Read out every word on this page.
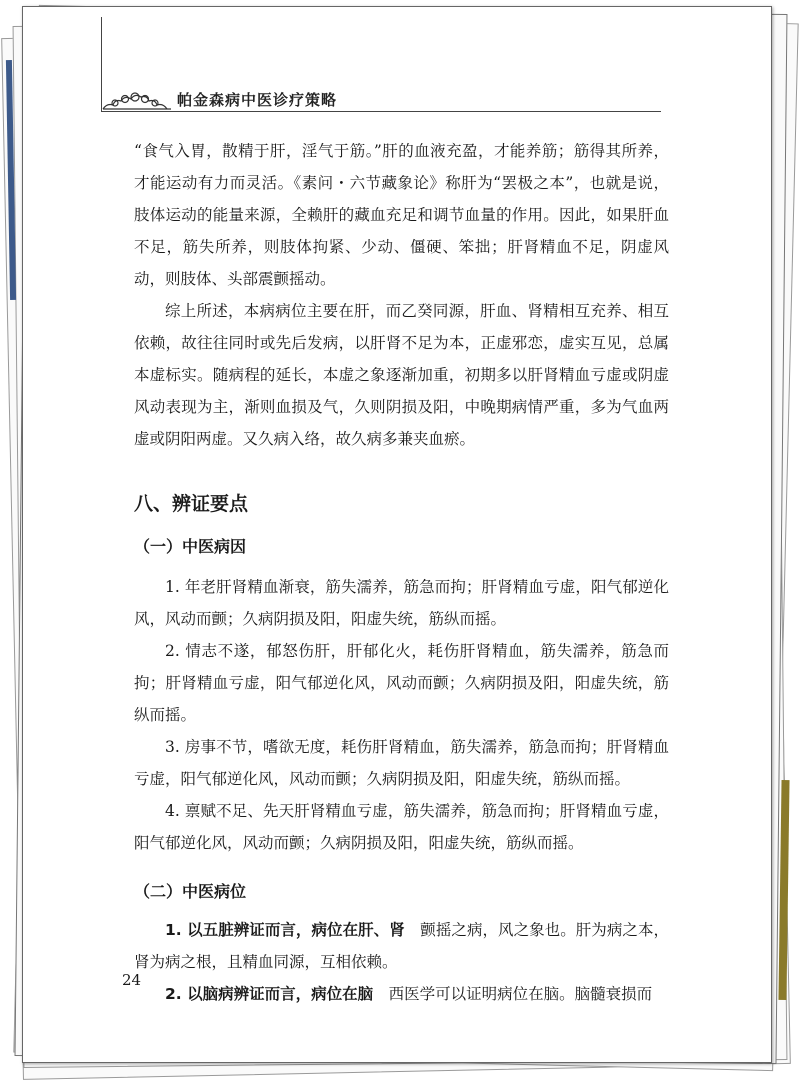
帕金森病中医诊疗策略

“食气入胃，散精于肝，淫气于筋。”肝的血液充盈，才能养筋；筋得其所养，才能运动有力而灵活。《素问・六节藏象论》称肝为“罢极之本”，也就是说，肢体运动的能量来源，全赖肝的藏血充足和调节血量的作用。因此，如果肝血不足，筋失所养，则肢体拘紧、少动、僵硬、笨拙；肝肾精血不足，阴虚风动，则肢体、头部震颤摇动。

综上所述，本病病位主要在肝，而乙癸同源，肝血、肾精相互充养、相互依赖，故往往同时或先后发病，以肝肾不足为本，正虚邪恋，虚实互见，总属本虚标实。随病程的延长，本虚之象逐渐加重，初期多以肝肾精血亏虚或阴虚风动表现为主，渐则血损及气，久则阴损及阳，中晚期病情严重，多为气血两虚或阴阳两虚。又久病入络，故久病多兼夹血瘀。

八、辨证要点

（一）中医病因

1. 年老肝肾精血渐衰，筋失濡养，筋急而拘；肝肾精血亏虚，阳气郁逆化风，风动而颤；久病阴损及阳，阳虚失统，筋纵而摇。

2. 情志不遂，郁怒伤肝，肝郁化火，耗伤肝肾精血，筋失濡养，筋急而拘；肝肾精血亏虚，阳气郁逆化风，风动而颤；久病阴损及阳，阳虚失统，筋纵而摇。

3. 房事不节，嗜欲无度，耗伤肝肾精血，筋失濡养，筋急而拘；肝肾精血亏虚，阳气郁逆化风，风动而颤；久病阴损及阳，阳虚失统，筋纵而摇。

4. 禀赋不足、先天肝肾精血亏虚，筋失濡养，筋急而拘；肝肾精血亏虚，阳气郁逆化风，风动而颤；久病阴损及阳，阳虚失统，筋纵而摇。

（二）中医病位

1. 以五脏辨证而言，病位在肝、肾　颤摇之病，风之象也。肝为病之本，肾为病之根，且精血同源，互相依赖。

2. 以脑病辨证而言，病位在脑　西医学可以证明病位在脑。脑髓衰损而

24
